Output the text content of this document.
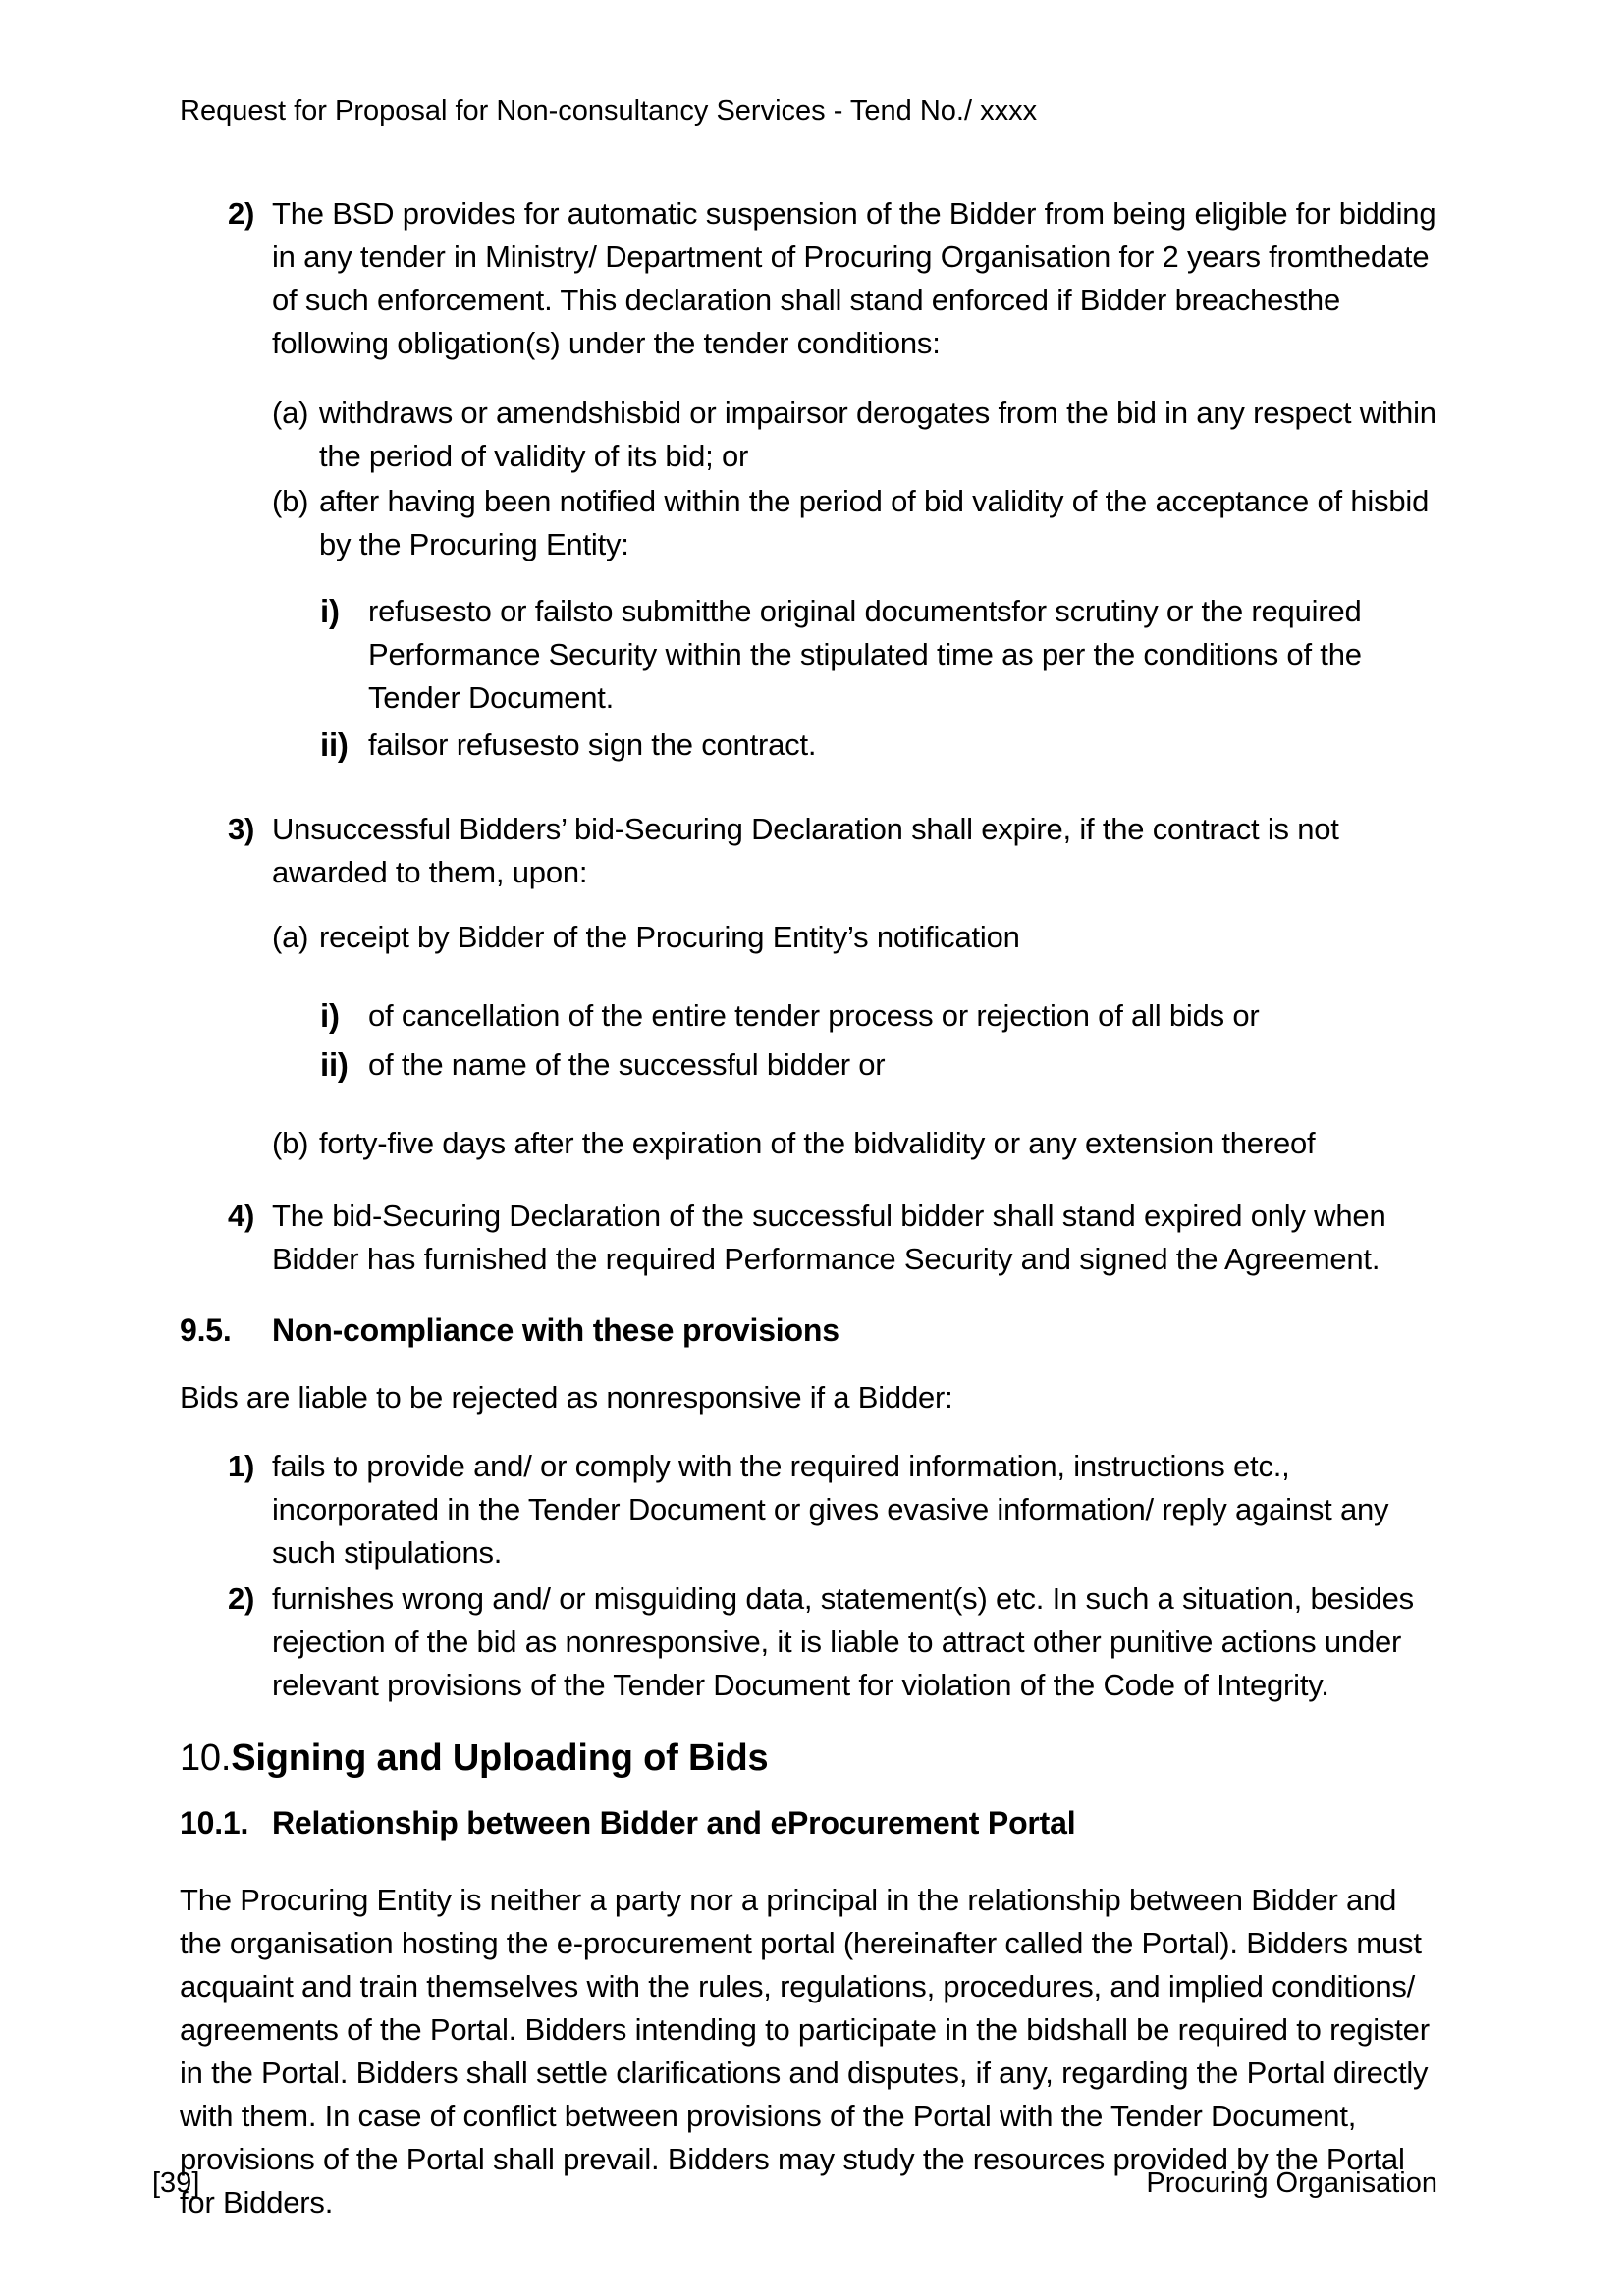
Request for Proposal for Non-consultancy Services - Tend No./ xxxx
2) The BSD provides for automatic suspension of the Bidder from being eligible for bidding in any tender in Ministry/ Department of Procuring Organisation for 2 years fromthedate of such enforcement. This declaration shall stand enforced if Bidder breachesthe following obligation(s) under the tender conditions:
(a) withdraws or amendshisbid or impairsor derogates from the bid in any respect within the period of validity of its bid; or
(b) after having been notified within the period of bid validity of the acceptance of hisbid by the Procuring Entity:
i) refusesto or failsto submitthe original documentsfor scrutiny or the required Performance Security within the stipulated time as per the conditions of the Tender Document.
ii) failsor refusesto sign the contract.
3) Unsuccessful Bidders’ bid-Securing Declaration shall expire, if the contract is not awarded to them, upon:
(a) receipt by Bidder of the Procuring Entity’s notification
i) of cancellation of the entire tender process or rejection of all bids or
ii) of the name of the successful bidder or
(b) forty-five days after the expiration of the bidvalidity or any extension thereof
4) The bid-Securing Declaration of the successful bidder shall stand expired only when Bidder has furnished the required Performance Security and signed the Agreement.
9.5. Non-compliance with these provisions
Bids are liable to be rejected as nonresponsive if a Bidder:
1) fails to provide and/ or comply with the required information, instructions etc., incorporated in the Tender Document or gives evasive information/ reply against any such stipulations.
2) furnishes wrong and/ or misguiding data, statement(s) etc. In such a situation, besides rejection of the bid as nonresponsive, it is liable to attract other punitive actions under relevant provisions of the Tender Document for violation of the Code of Integrity.
10.Signing and Uploading of Bids
10.1. Relationship between Bidder and eProcurement Portal
The Procuring Entity is neither a party nor a principal in the relationship between Bidder and the organisation hosting the e-procurement portal (hereinafter called the Portal). Bidders must acquaint and train themselves with the rules, regulations, procedures, and implied conditions/ agreements of the Portal. Bidders intending to participate in the bidshall be required to register in the Portal. Bidders shall settle clarifications and disputes, if any, regarding the Portal directly with them. In case of conflict between provisions of the Portal with the Tender Document, provisions of the Portal shall prevail. Bidders may study the resources provided by the Portal for Bidders.
[39]	Procuring Organisation
